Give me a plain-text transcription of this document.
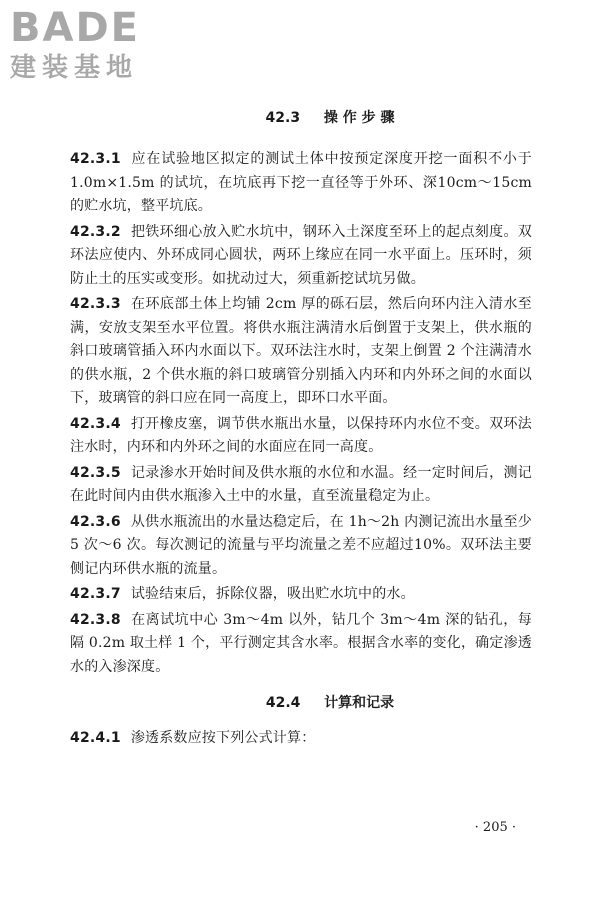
BADE
建装基地
42.3 操 作 步 骤

42.3.1 应在试验地区拟定的测试土体中按预定深度开挖一面积不小于 1.0m×1.5m 的试坑，在坑底再下挖一直径等于外环、深10cm～15cm 的贮水坑，整平坑底。

42.3.2 把铁环细心放入贮水坑中，钢环入土深度至环上的起点刻度。双环法应使内、外环成同心圆状，两环上缘应在同一水平面上。压环时，须防止土的压实或变形。如扰动过大，须重新挖试坑另做。

42.3.3 在环底部土体上均铺 2cm 厚的砾石层，然后向环内注入清水至满，安放支架至水平位置。将供水瓶注满清水后倒置于支架上，供水瓶的斜口玻璃管插入环内水面以下。双环法注水时，支架上倒置 2 个注满清水的供水瓶，2 个供水瓶的斜口玻璃管分别插入内环和内外环之间的水面以下，玻璃管的斜口应在同一高度上，即环口水平面。

42.3.4 打开橡皮塞，调节供水瓶出水量，以保持环内水位不变。双环法注水时，内环和内外环之间的水面应在同一高度。

42.3.5 记录渗水开始时间及供水瓶的水位和水温。经一定时间后，测记在此时间内由供水瓶渗入土中的水量，直至流量稳定为止。

42.3.6 从供水瓶流出的水量达稳定后，在 1h～2h 内测记流出水量至少 5 次～6 次。每次测记的流量与平均流量之差不应超过10%。双环法主要侧记内环供水瓶的流量。

42.3.7 试验结束后，拆除仪器，吸出贮水坑中的水。

42.3.8 在离试坑中心 3m～4m 以外，钻几个 3m～4m 深的钻孔，每隔 0.2m 取土样 1 个，平行测定其含水率。根据含水率的变化，确定渗透水的入渗深度。

42.4 计算和记录

42.4.1 渗透系数应按下列公式计算：

· 205 ·
